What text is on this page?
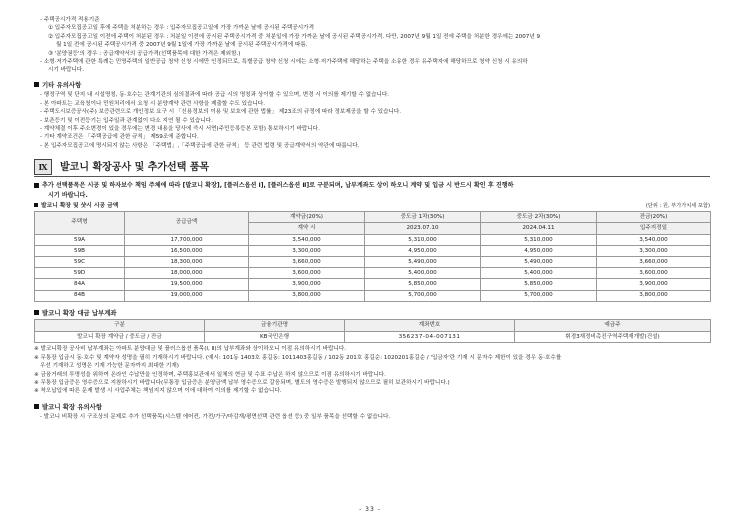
- 주택공시가격 적용기준
① 입주자모집공고일 후에 주택을 처분하는 경우 : 입주자모집공고일에 가장 가까운 날에 공시된 주택공시가격
② 입주자모집공고일 이전에 주택이 처분된 경우 : 처분일 이전에 공시된 주택공시가격 중 처분일에 가장 가까운 날에 공시된 주택공시가격. 다만, 2007년 9월 1일 전에 주택을 처분한 경우에는 2007년 9
월 1일 전에 공시된 주택공시가격 중 2007년 9월 1일에 가장 가까운 날에 공시된 주택공시가격에 따름.
③ '분양권등'의 경우 : 공급계약서의 공급가격(선택품목에 대한 가격은 제외함.)
- 소형·저가주택에 관한 특례는 민영주택의 일반공급 청약 신청 시에만 인정되므로, 특별공급 청약 신청 시에는 소형·저가주택에 해당하는 주택을 소유한 경우 유주택자에 해당하므로 청약 신청 시 유의하
시기 바랍니다.
기타 유의사항
- 행정구역 및 단지 내 시설명칭, 동·호수는 관계기관의 심의결과에 따라 공급 시의 명칭과 상이할 수 있으며, 변경 시 이의를 제기할 수 없습니다.
- 본 아파트는 교육청이나 민원처리에서 요청 시 분양계약 관련 사항을 제출할 수도 있습니다.
- 주택도시보증공사(주) 보증관련으로 개인정보 요구 시 「신용정보의 이용 및 보호에 관한 법률」 제23조의 규정에 따라 정보제공을 할 수 있습니다.
- 보존등기 및 이전등기는 입주일과 관계없이 다소 지연 될 수 있습니다.
- 계약체결 이후 주소변경이 있을 경우에는 변경 내용을 당사에 즉시 서면(주민등록등본 포함) 통보하시기 바랍니다.
- 기타 계약조건은 「주택공급에 관한 규칙」 제59조에 준합니다.
- 본 입주자모집공고에 명시되지 않는 사항은 「주택법」,「주택공급에 관한 규칙」 등 관련 법령 및 공급계약서의 약관에 따릅니다.
Ⅸ	발코니 확장공사 및 추가선택 품목
추가 선택품목은 시공 및 하자보수 책임 주체에 따라 [발코니 확장], [플러스옵션 Ⅰ], [플러스옵션 Ⅱ]로 구분되며, 납부계좌도 상이 하오니 계약 및 입금 시 반드시 확인 후 진행하
시기 바랍니다.
발코니 확장 및 샷시 시공 금액	(단위 : 원, 부가가치세 포함)
주택형	공급금액	계약금(20%)	중도금 1차(30%)	중도금 2차(30%)	잔금(20%)
		계약 시	2023.07.10	2024.04.11	입주지정일
59A	17,700,000	3,540,000	5,310,000	5,310,000	3,540,000
59B	16,500,000	3,300,000	4,950,000	4,950,000	3,300,000
59C	18,300,000	3,660,000	5,490,000	5,490,000	3,660,000
59D	18,000,000	3,600,000	5,400,000	5,400,000	3,600,000
84A	19,500,000	3,900,000	5,850,000	5,850,000	3,900,000
84B	19,000,000	3,800,000	5,700,000	5,700,000	3,800,000
발코니 확장 대금 납부계좌
구분	금융기관명	계좌번호	예금주
발코니 확장 계약금 / 중도금 / 잔금	KB국민은행	356237-04-007131	휘경3재정비촉진구역주택재개발(건설)
※ 발코니확장 공사비 납부계좌는 아파트 분양대금 및 플러스옵션 품목(Ⅰ, Ⅱ)의 납부계좌와 상이하오니 이점 유의하시기 바랍니다.
※ 무통장 입금시 동·호수 및 계약자 성명을 필히 기재하시기 바랍니다. (예시: 101동 1403호 홍길동: 1011403홍길동 / 102동 201호 홍길순: 1020201홍길순 / '입금자'란 기재 시 문자수 제한이 있을 경우 동·호수를
우선 기재하고 성명은 기재 가능한 문자까지 최대한 기재)
※ 금융거래의 투명성을 위하여 온라인 수납만을 인정하며, 주택홍보관에서 일체의 현금 및 수표 수납은 하지 않으므로 이점 유의하시기 바랍니다.
※ 무통장 입금증은 영수증으로 지참하시기 바랍니다(무통장 입금증은 분양금액 납부 영수증으로 갈음되며, 별도의 영수증은 발행되지 않으므로 필히 보관하시기 바랍니다.)
※ 착오납입에 따른 문제 발생 시 사업주체는 책임지지 않으며 이에 대하여 이의를 제기할 수 없습니다.
발코니 확장 유의사항
- 발코니 비확장 시 구조상의 문제로 추가 선택품목(시스템 에어컨, 가전/가구/마감재/평면선택 관련 옵션 등) 중 일부 품목을 선택할 수 없습니다.
- 33 -
